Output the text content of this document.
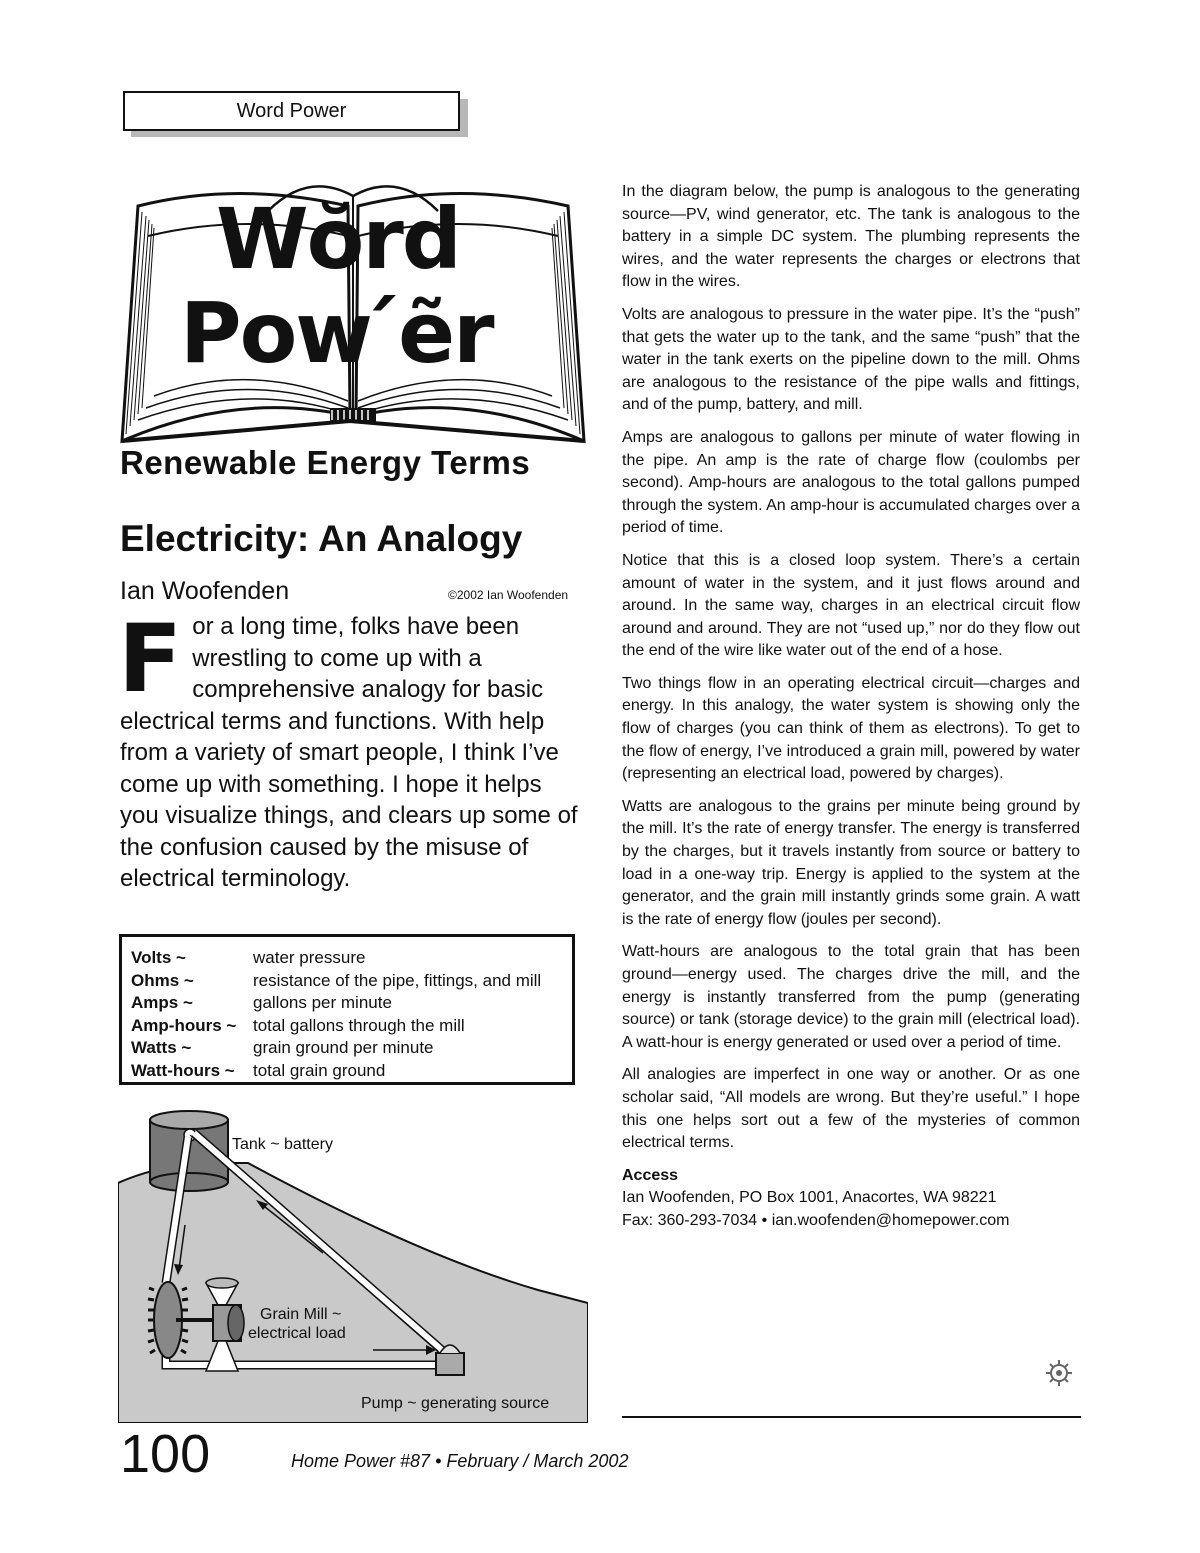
Word Power
Wŏrd
Pow ́ẽr
Renewable Energy Terms
Electricity: An Analogy
Ian Woofenden	©2002 Ian Woofenden
For a long time, folks have been wrestling to come up with a comprehensive analogy for basic electrical terms and functions. With help from a variety of smart people, I think I’ve come up with something. I hope it helps you visualize things, and clears up some of the confusion caused by the misuse of electrical terminology.
Volts ~	water pressure
Ohms ~	resistance of the pipe, fittings, and mill
Amps ~	gallons per minute
Amp-hours ~ total gallons through the mill
Watts ~	grain ground per minute
Watt-hours ~ total grain ground
Tank ~ battery
Grain Mill ~
electrical load
Pump ~ generating source

In the diagram below, the pump is analogous to the generating source—PV, wind generator, etc. The tank is analogous to the battery in a simple DC system. The plumbing represents the wires, and the water represents the charges or electrons that flow in the wires.

Volts are analogous to pressure in the water pipe. It’s the “push” that gets the water up to the tank, and the same “push” that the water in the tank exerts on the pipeline down to the mill. Ohms are analogous to the resistance of the pipe walls and fittings, and of the pump, battery, and mill.

Amps are analogous to gallons per minute of water flowing in the pipe. An amp is the rate of charge flow (coulombs per second). Amp-hours are analogous to the total gallons pumped through the system. An amp-hour is accumulated charges over a period of time.

Notice that this is a closed loop system. There’s a certain amount of water in the system, and it just flows around and around. In the same way, charges in an electrical circuit flow around and around. They are not “used up,” nor do they flow out the end of the wire like water out of the end of a hose.

Two things flow in an operating electrical circuit—charges and energy. In this analogy, the water system is showing only the flow of charges (you can think of them as electrons). To get to the flow of energy, I’ve introduced a grain mill, powered by water (representing an electrical load, powered by charges).

Watts are analogous to the grains per minute being ground by the mill. It’s the rate of energy transfer. The energy is transferred by the charges, but it travels instantly from source or battery to load in a one-way trip. Energy is applied to the system at the generator, and the grain mill instantly grinds some grain. A watt is the rate of energy flow (joules per second).

Watt-hours are analogous to the total grain that has been ground—energy used. The charges drive the mill, and the energy is instantly transferred from the pump (generating source) or tank (storage device) to the grain mill (electrical load). A watt-hour is energy generated or used over a period of time.

All analogies are imperfect in one way or another. Or as one scholar said, “All models are wrong. But they’re useful.” I hope this one helps sort out a few of the mysteries of common electrical terms.

Access
Ian Woofenden, PO Box 1001, Anacortes, WA 98221
Fax: 360-293-7034 • ian.woofenden@homepower.com
100	Home Power #87 • February / March 2002
